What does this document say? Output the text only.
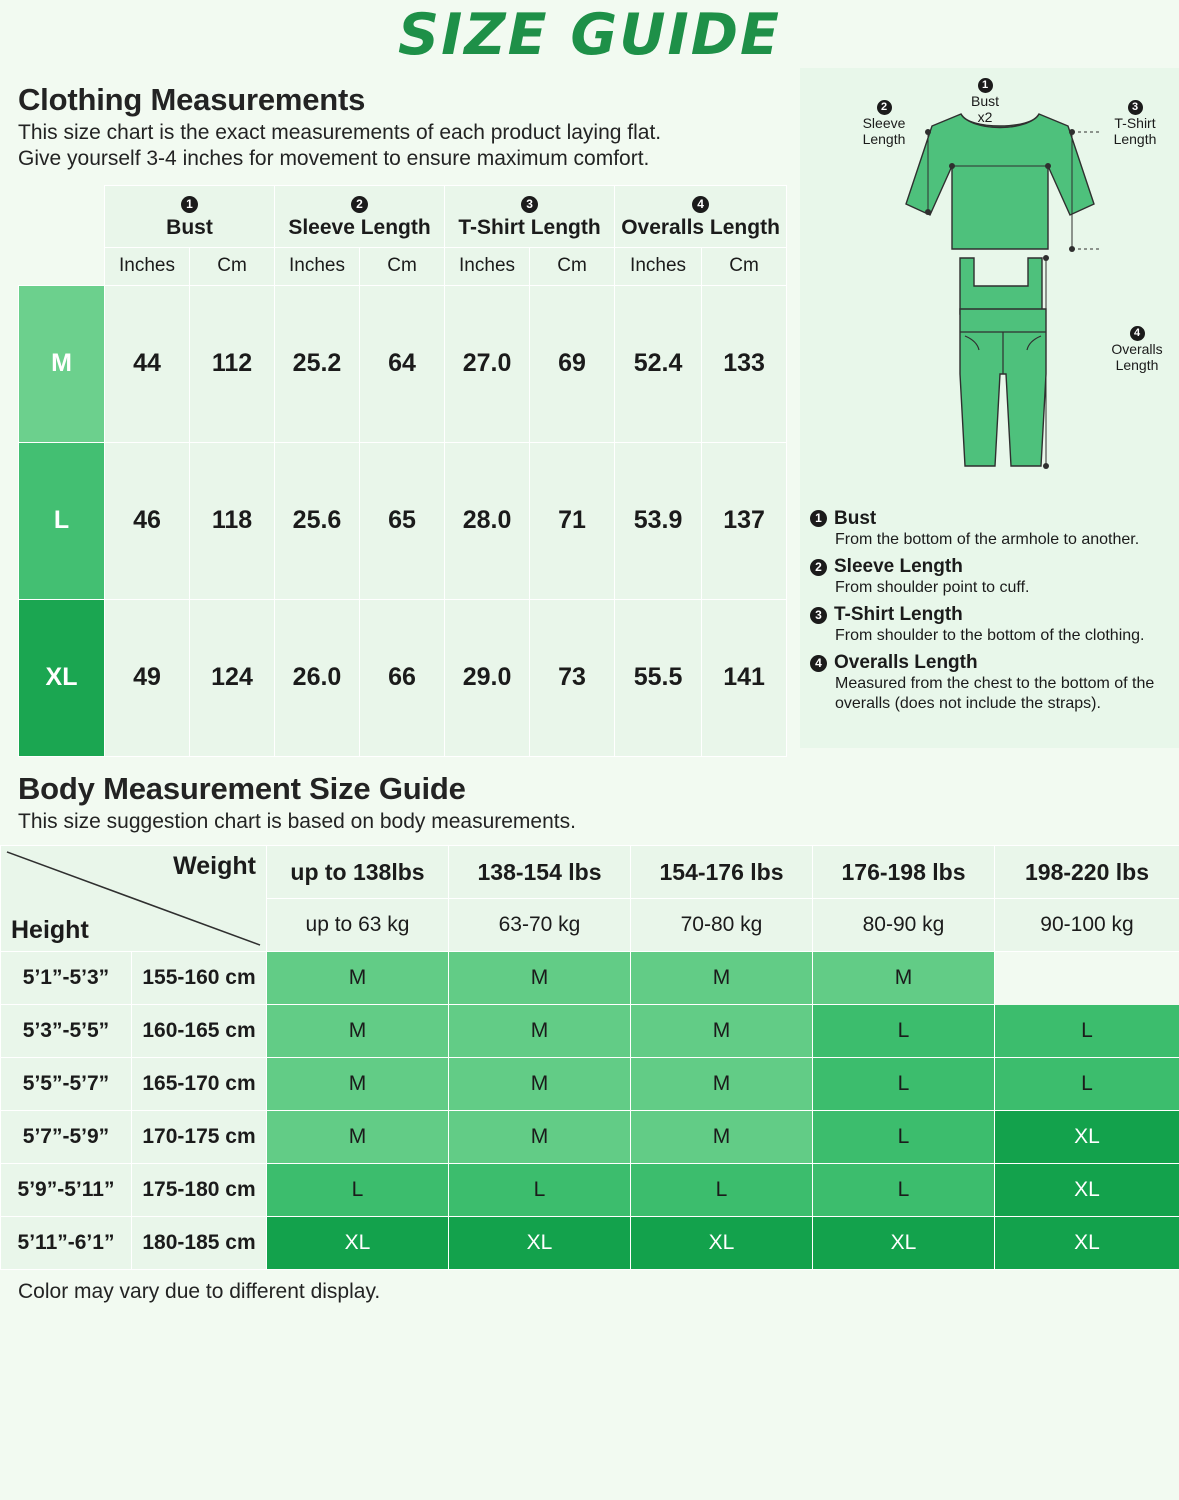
SIZE GUIDE
Clothing Measurements
This size chart is the exact measurements of each product laying flat.
Give yourself 3-4 inches for movement to ensure maximum comfort.
	1
Bust		2
Sleeve Length		3
T-Shirt Length		4
Overalls Length	
	Inches	Cm	Inches	Cm	Inches	Cm	Inches	Cm
M	44	112	25.2	64	27.0	69	52.4	133
L	46	118	25.6	65	28.0	71	53.9	137
XL	49	124	26.0	66	29.0	73	55.5	141
1
Bust
x2
2
Sleeve
Length
3
T-Shirt
Length
4
Overalls
Length
1 Bust
From the bottom of the armhole to another.
2 Sleeve Length
From shoulder point to cuff.
3 T-Shirt Length
From shoulder to the bottom of the clothing.
4 Overalls Length
Measured from the chest to the bottom of the overalls (does not include the straps).
Body Measurement Size Guide
This size suggestion chart is based on body measurements.
Weight
Height		up to 138lbs	138-154 lbs	154-176 lbs	176-198 lbs	198-220 lbs
		up to 63 kg	63-70 kg	70-80 kg	80-90 kg	90-100 kg
5’1”-5’3”	155-160 cm	M	M	M	M	
5’3”-5’5”	160-165 cm	M	M	M	L	L
5’5”-5’7”	165-170 cm	M	M	M	L	L
5’7”-5’9”	170-175 cm	M	M	M	L	XL
5’9”-5’11”	175-180 cm	L	L	L	L	XL
5’11”-6’1”	180-185 cm	XL	XL	XL	XL	XL
Color may vary due to different display.
